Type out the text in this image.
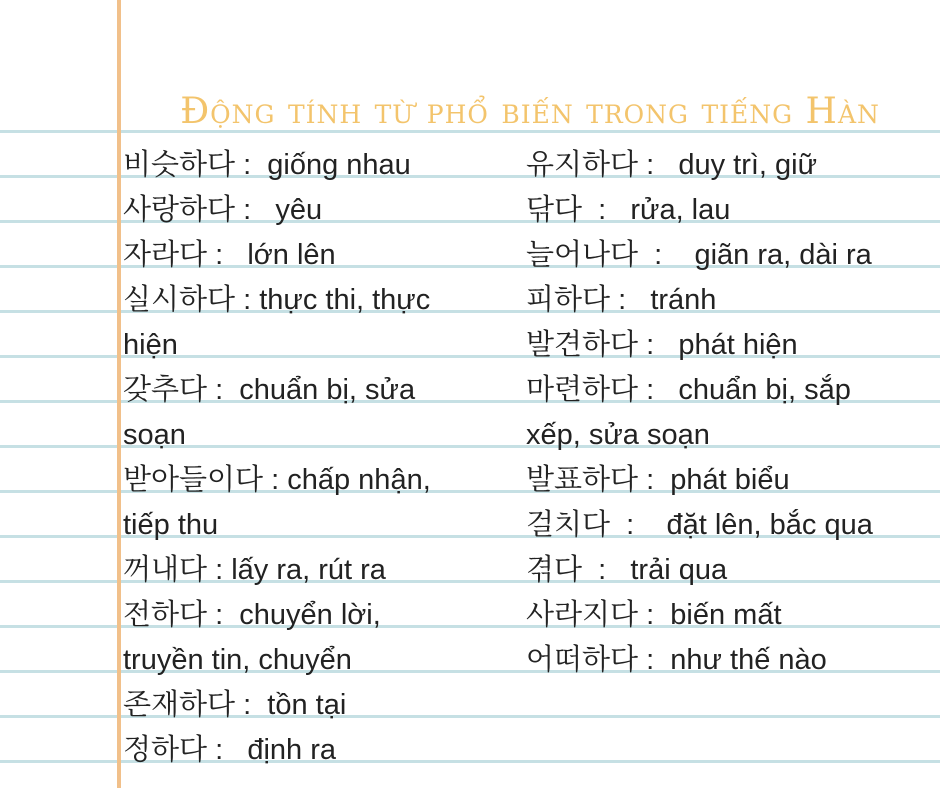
Động tính từ phổ biến trong tiếng Hàn
비슷하다 :  giống nhau
사랑하다 :   yêu
자라다 :   lớn lên
실시하다 : thực thi, thực
hiện
갖추다 :  chuẩn bị, sửa
soạn
받아들이다 : chấp nhận,
tiếp thu
꺼내다 : lấy ra, rút ra
전하다 :  chuyển lời,
truyền tin, chuyển
존재하다 :  tồn tại
정하다 :   định ra
유지하다 :   duy trì, giữ
닦다  :   rửa, lau
늘어나다  :    giãn ra, dài ra
피하다 :   tránh
발견하다 :   phát hiện
마련하다 :   chuẩn bị, sắp
xếp, sửa soạn
발표하다 :  phát biểu
걸치다  :    đặt lên, bắc qua
겪다  :   trải qua
사라지다 :  biến mất
어떠하다 :  như thế nào
